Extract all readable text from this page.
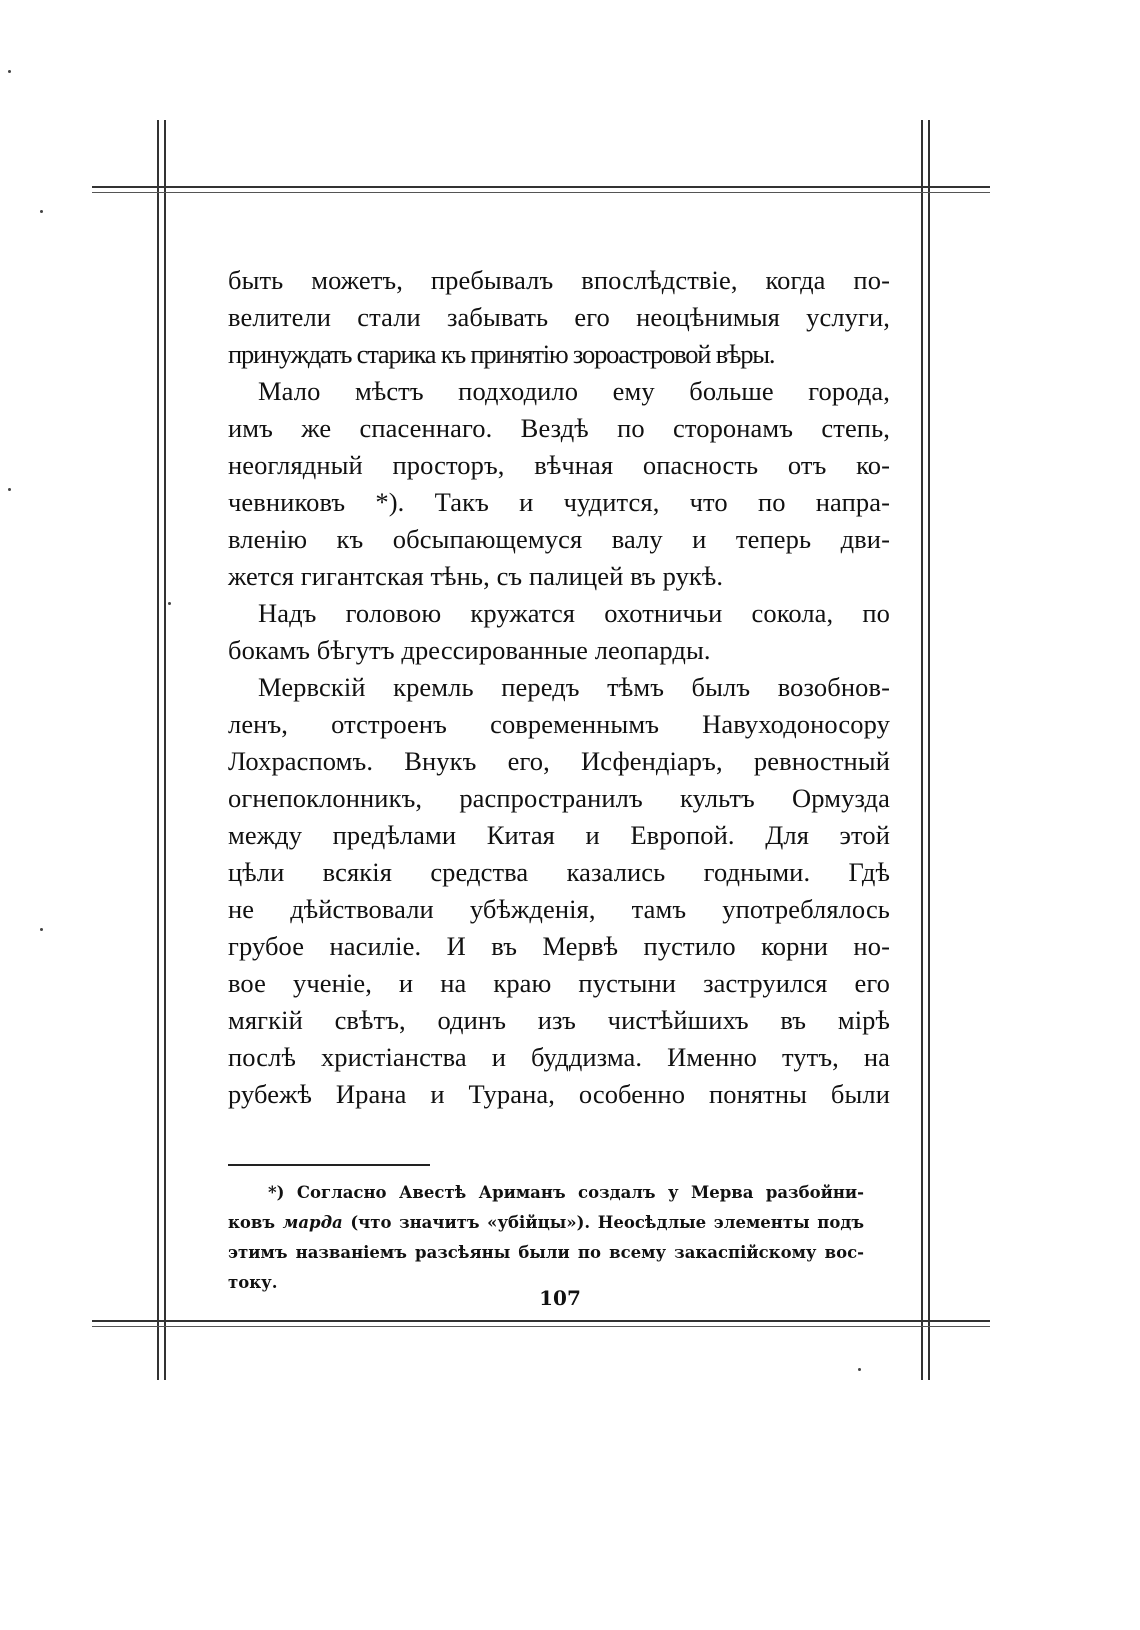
быть можетъ, пребывалъ впослѣдствіе, когда по-
велители стали забывать его неоцѣнимыя услуги,
принуждать старика къ принятію зороастровой вѣры.
Мало мѣстъ подходило ему больше города,
имъ же спасеннаго. Вездѣ по сторонамъ степь,
неоглядный просторъ, вѣчная опасность отъ ко-
чевниковъ *). Такъ и чудится, что по напра-
вленію къ обсыпающемуся валу и теперь дви-
жется гигантская тѣнь, съ палицей въ рукѣ.
Надъ головою кружатся охотничьи сокола, по
бокамъ бѣгутъ дрессированные леопарды.
Мервскій кремль передъ тѣмъ былъ возобнов-
ленъ, отстроенъ современнымъ Навуходоносору
Лохраспомъ. Внукъ его, Исфендіаръ, ревностный
огнепоклонникъ, распространилъ культъ Ормузда
между предѣлами Китая и Европой. Для этой
цѣли всякія средства казались годными. Гдѣ
не дѣйствовали убѣжденія, тамъ употреблялось
грубое насиліе. И въ Мервѣ пустило корни но-
вое ученіе, и на краю пустыни заструился его
мягкій свѣтъ, одинъ изъ чистѣйшихъ въ мірѣ
послѣ христіанства и буддизма. Именно тутъ, на
рубежѣ Ирана и Турана, особенно понятны были
*) Согласно Авестѣ Ариманъ создалъ у Мерва разбойни-
ковъ марда (что значитъ «убійцы»). Неосѣдлые элементы подъ
этимъ названіемъ разсѣяны были по всему закаспійскому вос-
току.
107
